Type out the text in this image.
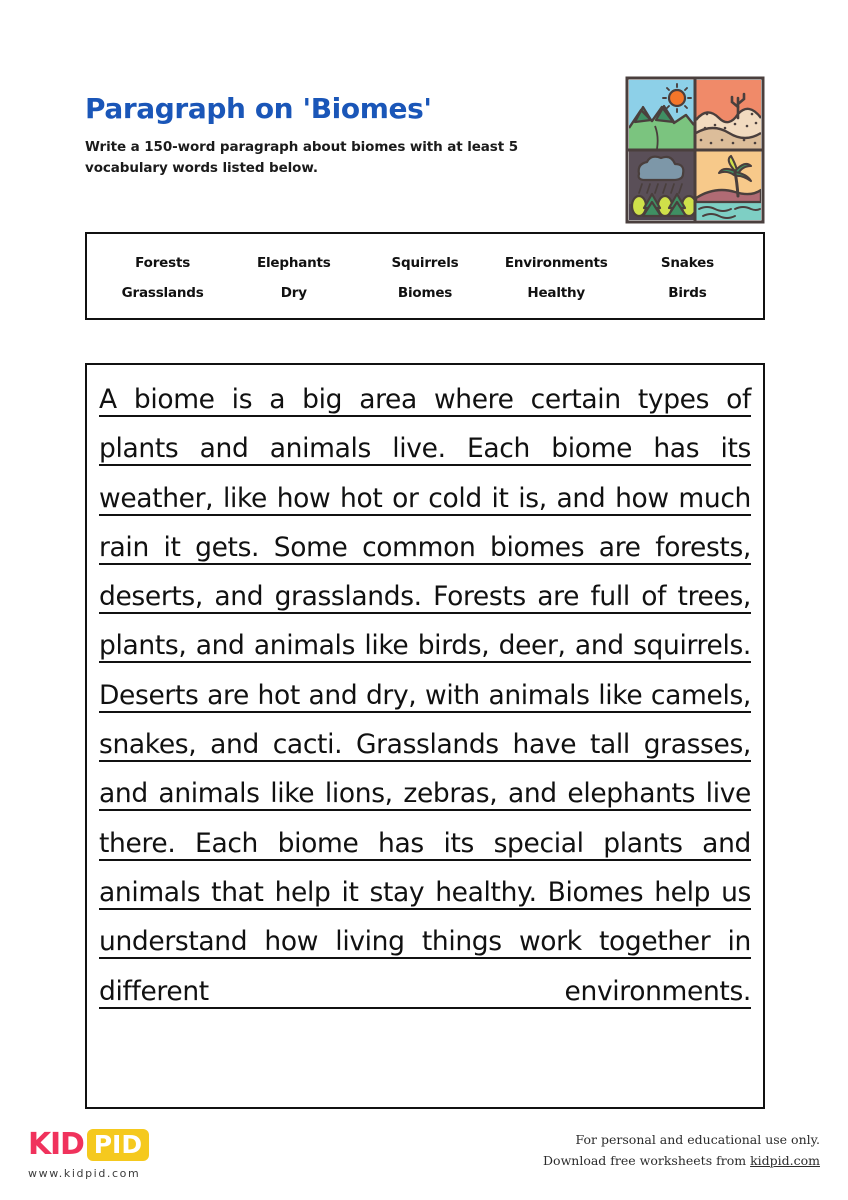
Paragraph on 'Biomes'
Write a 150-word paragraph about biomes with at least 5 vocabulary words listed below.
Forests	Elephants	Squirrels	Environments	Snakes
Grasslands	Dry	Biomes	Healthy	Birds
A biome is a big area where certain types of plants and animals live. Each biome has its weather, like how hot or cold it is, and how much rain it gets. Some common biomes are forests, deserts, and grasslands. Forests are full of trees, plants, and animals like birds, deer, and squirrels. Deserts are hot and dry, with animals like camels, snakes, and cacti. Grasslands have tall grasses, and animals like lions, zebras, and elephants live there. Each biome has its special plants and animals that help it stay healthy. Biomes help us understand how living things work together in different environments.
KID PID
www.kidpid.com
For personal and educational use only.
Download free worksheets from kidpid.com
